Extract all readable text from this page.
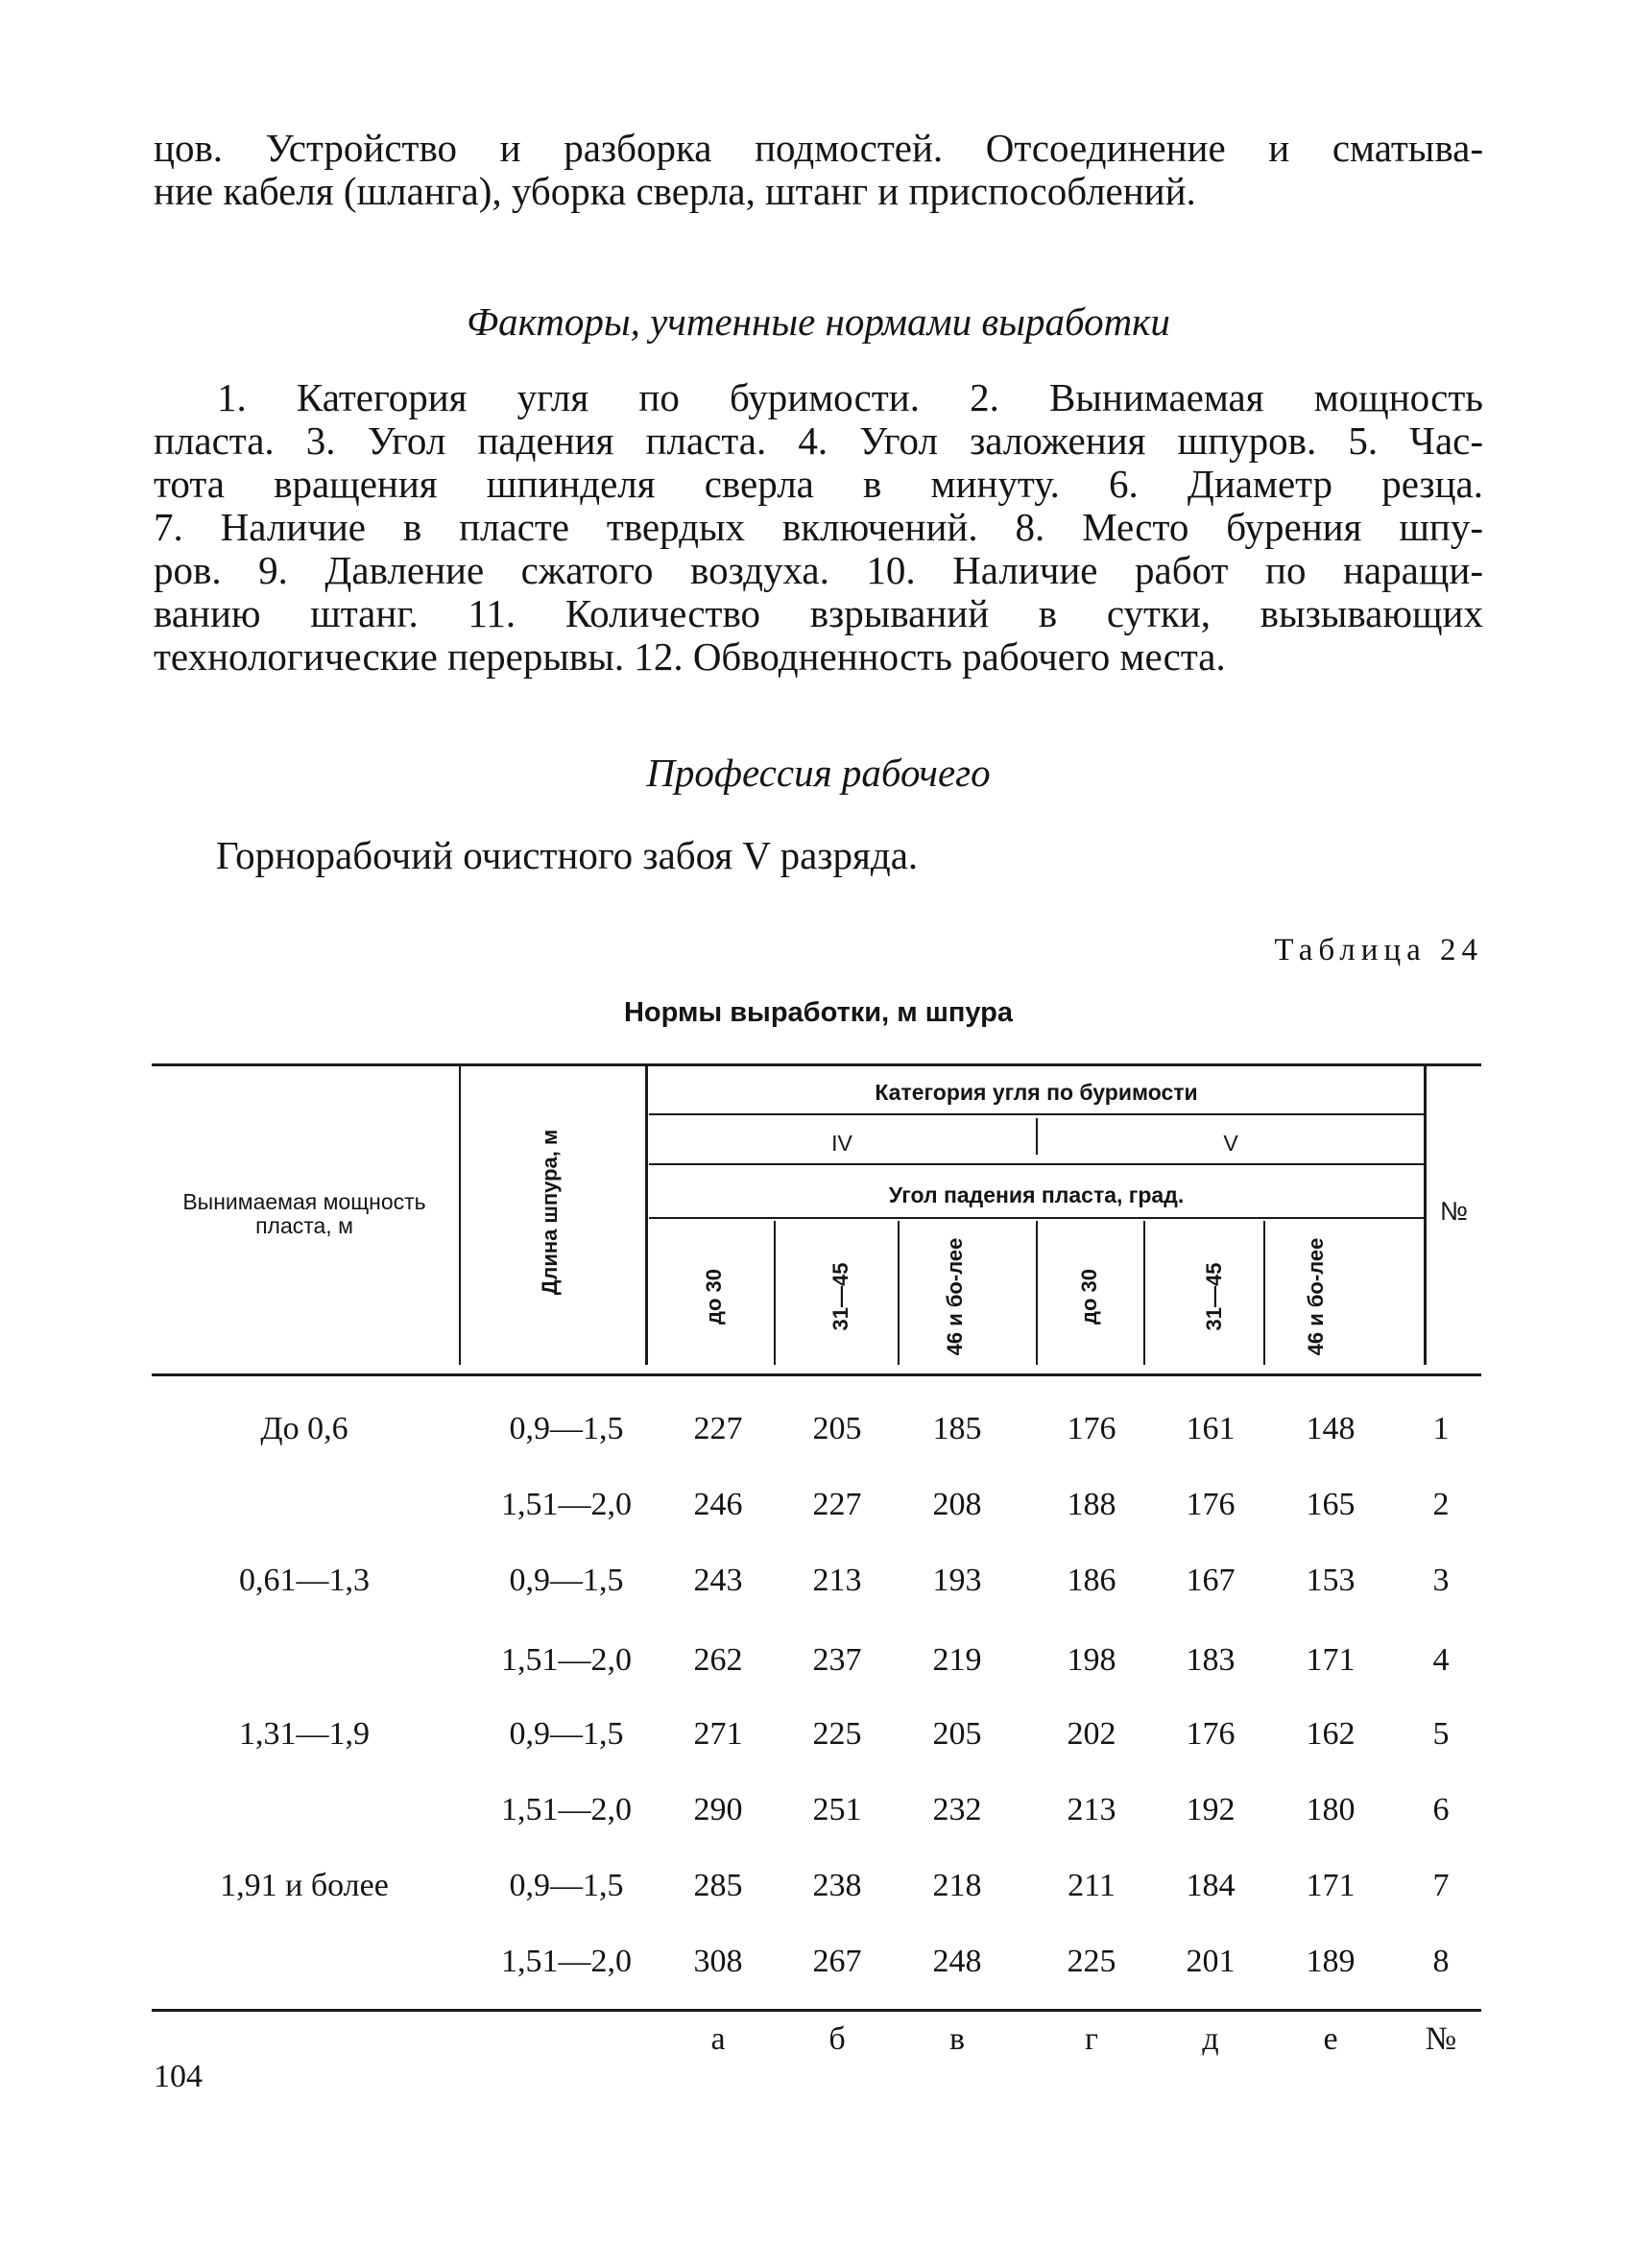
цов. Устройство и разборка подмостей. Отсоединение и сматыва-
ние кабеля (шланга), уборка сверла, штанг и приспособлений.
Факторы, учтенные нормами выработки
1. Категория угля по буримости. 2. Вынимаемая мощность
пласта. 3. Угол падения пласта. 4. Угол заложения шпуров. 5. Час-
тота вращения шпинделя сверла в минуту. 6. Диаметр резца.
7. Наличие в пласте твердых включений. 8. Место бурения шпу-
ров. 9. Давление сжатого воздуха. 10. Наличие работ по наращи-
ванию штанг. 11. Количество взрываний в сутки, вызывающих
технологические перерывы. 12. Обводненность рабочего места.
Профессия рабочего

Горнорабочий очистного забоя V разряда.

Таблица 24
Нормы выработки, м шпура
Вынимаемая мощность пласта, м	Длина шпура, м
Категория угля по буримости
IV	V
Угол падения пласта, град.
до 30	31—45	46 и бо-лее	до 30	31—45	46 и бо-лее
№
До 0,6	0,9—1,5	227	205	185	176	161	148	1
1,51—2,0	246	227	208	188	176	165	2
0,61—1,3	0,9—1,5	243	213	193	186	167	153	3
1,51—2,0	262	237	219	198	183	171	4
1,31—1,9	0,9—1,5	271	225	205	202	176	162	5
1,51—2,0	290	251	232	213	192	180	6
1,91 и более	0,9—1,5	285	238	218	211	184	171	7
1,51—2,0	308	267	248	225	201	189	8
а	б	в	г	д	е	№
104
